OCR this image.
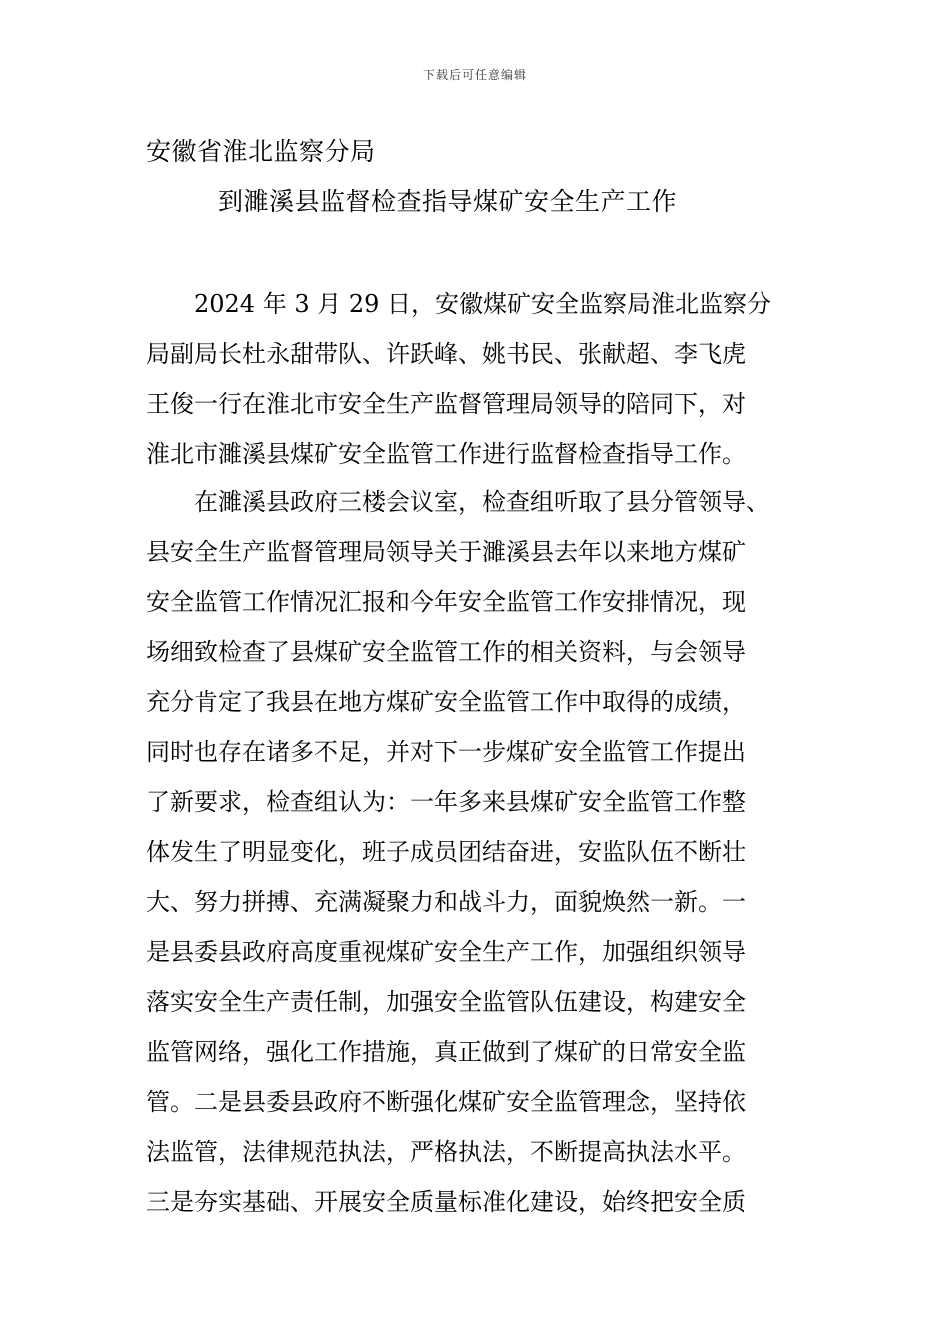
下载后可任意编辑
安徽省淮北监察分局
到濉溪县监督检查指导煤矿安全生产工作
　　2024 年 3 月 29 日，安徽煤矿安全监察局淮北监察分
局副局长杜永甜带队、许跃峰、姚书民、张献超、李飞虎
王俊一行在淮北市安全生产监督管理局领导的陪同下，对
淮北市濉溪县煤矿安全监管工作进行监督检查指导工作。
　　在濉溪县政府三楼会议室，检查组听取了县分管领导、
县安全生产监督管理局领导关于濉溪县去年以来地方煤矿
安全监管工作情况汇报和今年安全监管工作安排情况，现
场细致检查了县煤矿安全监管工作的相关资料，与会领导
充分肯定了我县在地方煤矿安全监管工作中取得的成绩，
同时也存在诸多不足，并对下一步煤矿安全监管工作提出
了新要求，检查组认为：一年多来县煤矿安全监管工作整
体发生了明显变化，班子成员团结奋进，安监队伍不断壮
大、努力拼搏、充满凝聚力和战斗力，面貌焕然一新。一
是县委县政府高度重视煤矿安全生产工作，加强组织领导
落实安全生产责任制，加强安全监管队伍建设，构建安全
监管网络，强化工作措施，真正做到了煤矿的日常安全监
管。二是县委县政府不断强化煤矿安全监管理念，坚持依
法监管，法律规范执法，严格执法，不断提高执法水平。
三是夯实基础、开展安全质量标准化建设，始终把安全质
